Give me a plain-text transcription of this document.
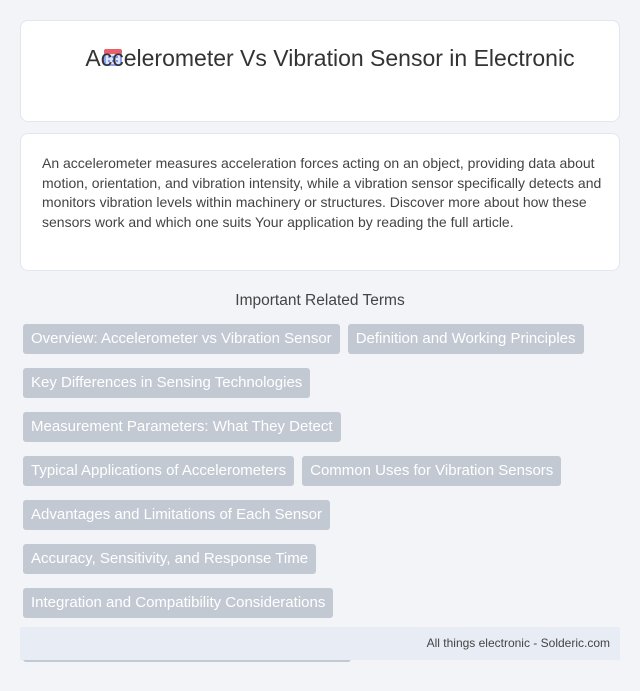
Accelerometer Vs Vibration Sensor in Electronic

An accelerometer measures acceleration forces acting on an object, providing data about motion, orientation, and vibration intensity, while a vibration sensor specifically detects and monitors vibration levels within machinery or structures. Discover more about how these sensors work and which one suits Your application by reading the full article.

Important Related Terms
Overview: Accelerometer vs Vibration Sensor	Definition and Working Principles
Key Differences in Sensing Technologies
Measurement Parameters: What They Detect
Typical Applications of Accelerometers	Common Uses for Vibration Sensors
Advantages and Limitations of Each Sensor
Accuracy, Sensitivity, and Response Time
Integration and Compatibility Considerations
All things electronic - Solderic.com
